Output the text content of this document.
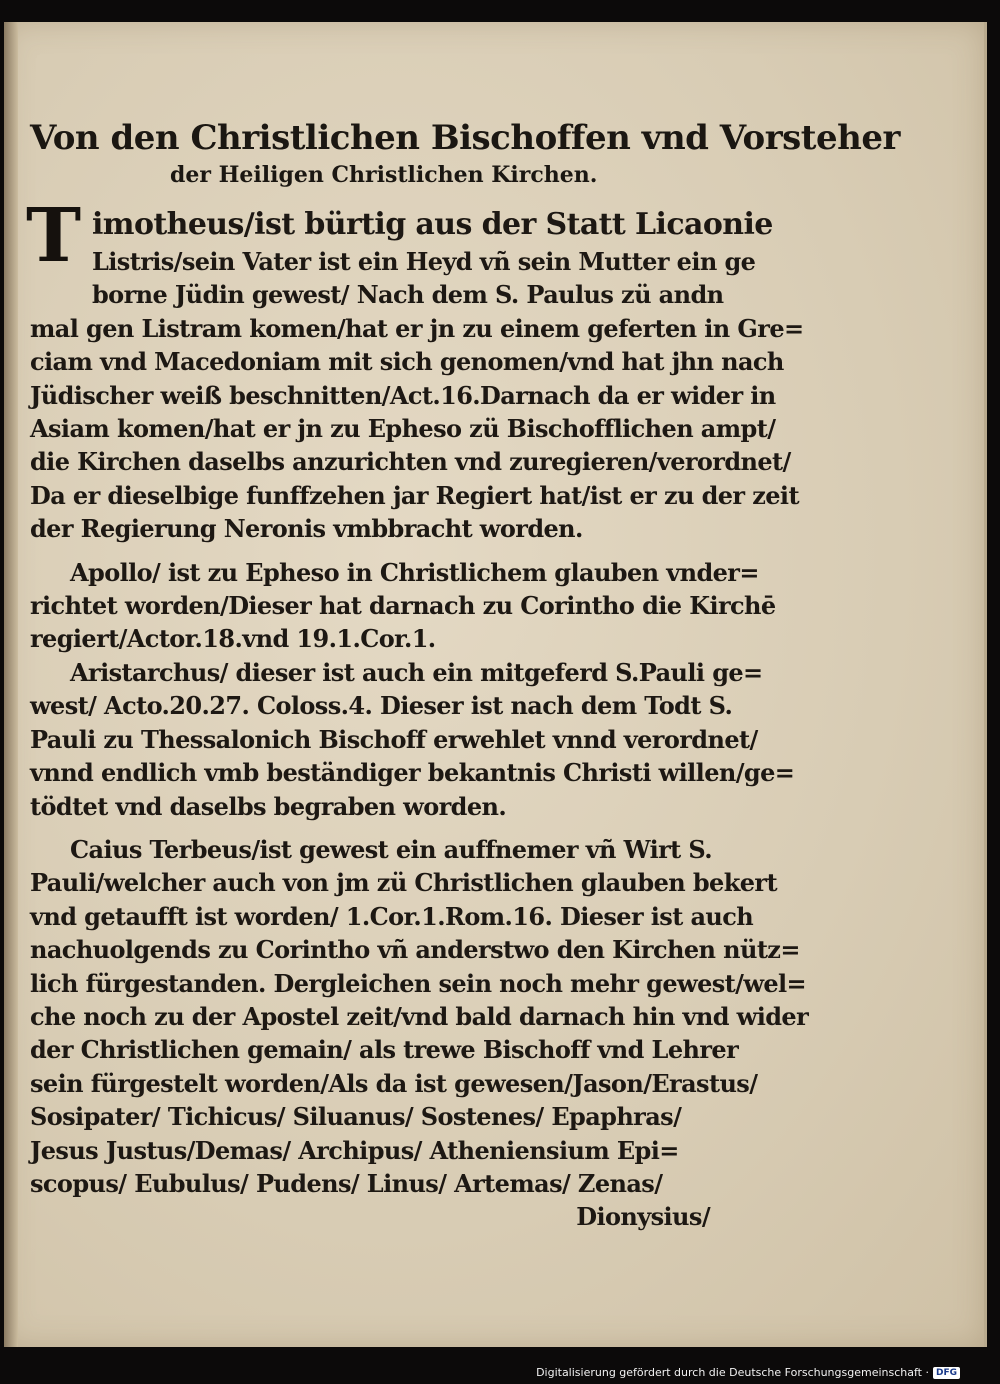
Von den Christlichen Bischoffen vnd Vorsteher
der Heiligen Christlichen Kirchen.
T imotheus/ist bürtig aus der Statt Licaonie

Listris/sein Vater ist ein Heyd vñ sein Mutter ein ge

borne Jüdin gewest/ Nach dem S. Paulus zü andn

mal gen Listram komen/hat er jn zu einem geferten in Gre=

ciam vnd Macedoniam mit sich genomen/vnd hat jhn nach

Jüdischer weiß beschnitten/Act.16.Darnach da er wider in

Asiam komen/hat er jn zu Epheso zü Bischofflichen ampt/

die Kirchen daselbs anzurichten vnd zuregieren/verordnet/

Da er dieselbige funffzehen jar Regiert hat/ist er zu der zeit

der Regierung Neronis vmbbracht worden.

Apollo/ ist zu Epheso in Christlichem glauben vnder=

richtet worden/Dieser hat darnach zu Corintho die Kirchē

regiert/Actor.18.vnd 19.1.Cor.1.

Aristarchus/ dieser ist auch ein mitgeferd S.Pauli ge=

west/ Acto.20.27. Coloss.4. Dieser ist nach dem Todt S.

Pauli zu Thessalonich Bischoff erwehlet vnnd verordnet/

vnnd endlich vmb beständiger bekantnis Christi willen/ge=

tödtet vnd daselbs begraben worden.

Caius Terbeus/ist gewest ein auffnemer vñ Wirt S.

Pauli/welcher auch von jm zü Christlichen glauben bekert

vnd getaufft ist worden/ 1.Cor.1.Rom.16. Dieser ist auch

nachuolgends zu Corintho vñ anderstwo den Kirchen nütz=

lich fürgestanden. Dergleichen sein noch mehr gewest/wel=

che noch zu der Apostel zeit/vnd bald darnach hin vnd wider

der Christlichen gemain/ als trewe Bischoff vnd Lehrer

sein fürgestelt worden/Als da ist gewesen/Jason/Erastus/

Sosipater/ Tichicus/ Siluanus/ Sostenes/ Epaphras/

Jesus Justus/Demas/ Archipus/ Atheniensium Epi=

scopus/ Eubulus/ Pudens/ Linus/ Artemas/ Zenas/

Dionysius/

Digitalisierung gefördert durch die Deutsche Forschungsgemeinschaft · DFG
